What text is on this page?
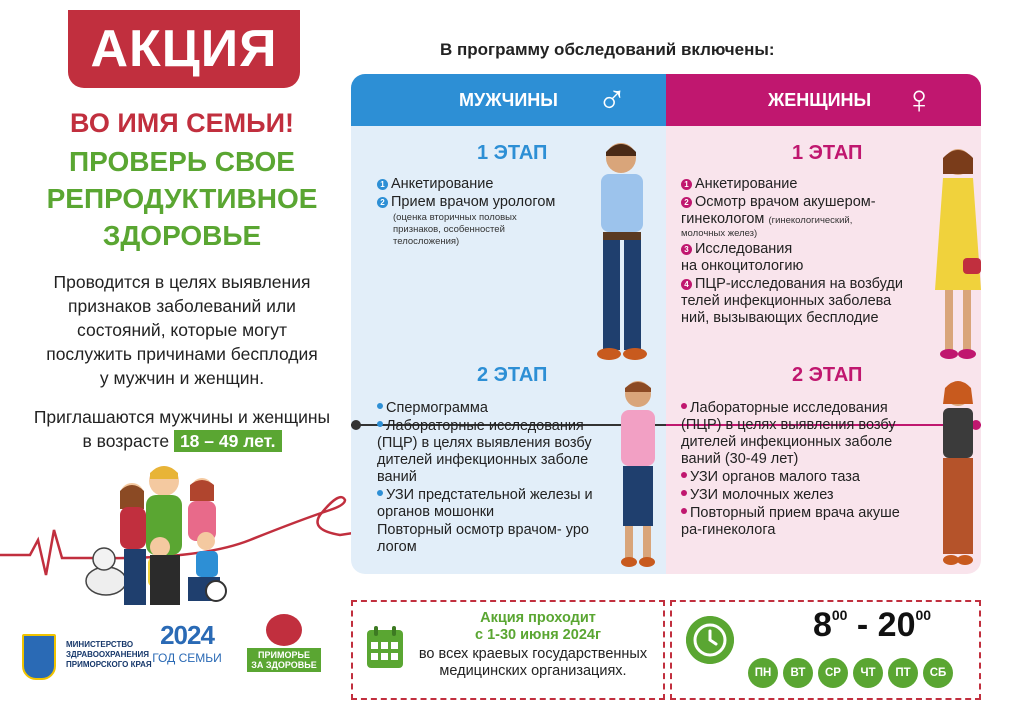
АКЦИЯ
ВО ИМЯ СЕМЬИ!
ПРОВЕРЬ СВОЕ
РЕПРОДУКТИВНОЕ
ЗДОРОВЬЕ
Проводится в целях выявления
признаков заболеваний или
состояний, которые могут
послужить причинами бесплодия
у мужчин и женщин.
Приглашаются мужчины и женщины
в возрасте 18 – 49 лет.
МИНИСТЕРСТВО
ЗДРАВООХРАНЕНИЯ
ПРИМОРСКОГО КРАЯ
2024
ГОД СЕМЬИ	ПРИМОРЬЕ
ЗА ЗДОРОВЬЕ
В программу обследований включены:
МУЖЧИНЫ ♂	ЖЕНЩИНЫ ♀
1 ЭТАП
1 Анкетирование
2 Прием врачом урологом
(оценка вторичных половых
признаков, особенностей
телосложения)
1 ЭТАП
1 Анкетирование
2 Осмотр врачом акушером-
гинекологом (гинекологический,
молочных желез)
3 Исследования
на онкоцитологию
4 ПЦР-исследования на возбуди
телей инфекционных заболева
ний, вызывающих бесплодие
2 ЭТАП
Спермограмма
Лабораторные исследования
(ПЦР) в целях выявления возбу
дителей инфекционных заболе
ваний
УЗИ предстательной железы и
органов мошонки
Повторный осмотр врачом- уро
логом
2 ЭТАП
Лабораторные исследования
(ПЦР) в целях выявления возбу
дителей инфекционных заболе
ваний (30-49 лет)
УЗИ органов малого таза
УЗИ молочных желез
Повторный прием врача акуше
ра-гинеколога
Акция проходит
с 1-30 июня 2024г
во всех краевых государственных
медицинских организациях.
$8^{00} - 20^{00}$
ПН	ВТ	СР	ЧТ	ПТ	СБ
